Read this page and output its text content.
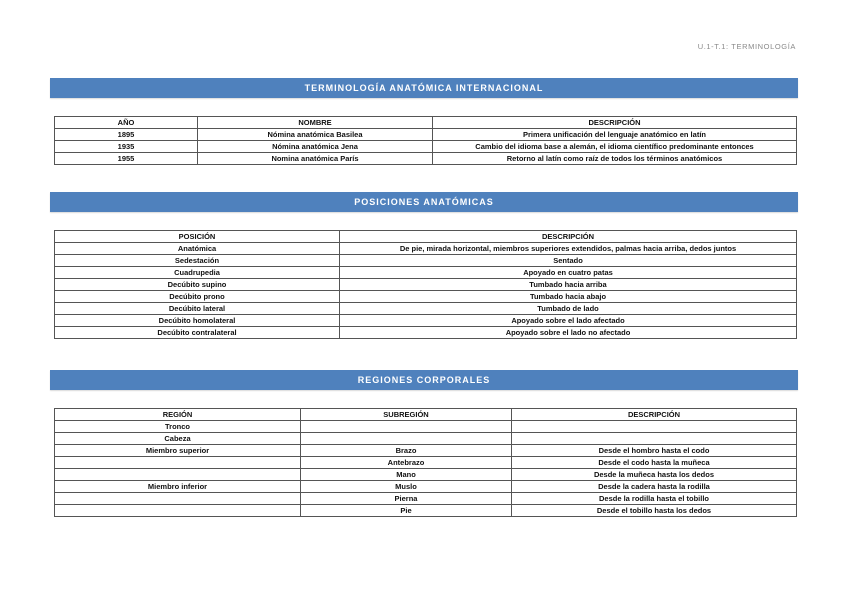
U.1-T.1: TERMINOLOGÍA
TERMINOLOGÍA ANATÓMICA INTERNACIONAL
AÑO	NOMBRE	DESCRIPCIÓN
1895	Nómina anatómica Basilea	Primera unificación del lenguaje anatómico en latín
1935	Nómina anatómica Jena	Cambio del idioma base a alemán, el idioma científico predominante entonces
1955	Nomina anatómica París	Retorno al latín como raíz de todos los términos anatómicos
POSICIONES ANATÓMICAS
POSICIÓN	DESCRIPCIÓN
Anatómica	De pie, mirada horizontal, miembros superiores extendidos, palmas hacia arriba, dedos juntos
Sedestación	Sentado
Cuadrupedia	Apoyado en cuatro patas
Decúbito supino	Tumbado hacia arriba
Decúbito prono	Tumbado hacia abajo
Decúbito lateral	Tumbado de lado
Decúbito homolateral	Apoyado sobre el lado afectado
Decúbito contralateral	Apoyado sobre el lado no afectado
REGIONES CORPORALES
REGIÓN	SUBREGIÓN	DESCRIPCIÓN
Tronco		
Cabeza		
Miembro superior	Brazo	Desde el hombro hasta el codo
	Antebrazo	Desde el codo hasta la muñeca
	Mano	Desde la muñeca hasta los dedos
Miembro inferior	Muslo	Desde la cadera hasta la rodilla
	Pierna	Desde la rodilla hasta el tobillo
	Pie	Desde el tobillo hasta los dedos
